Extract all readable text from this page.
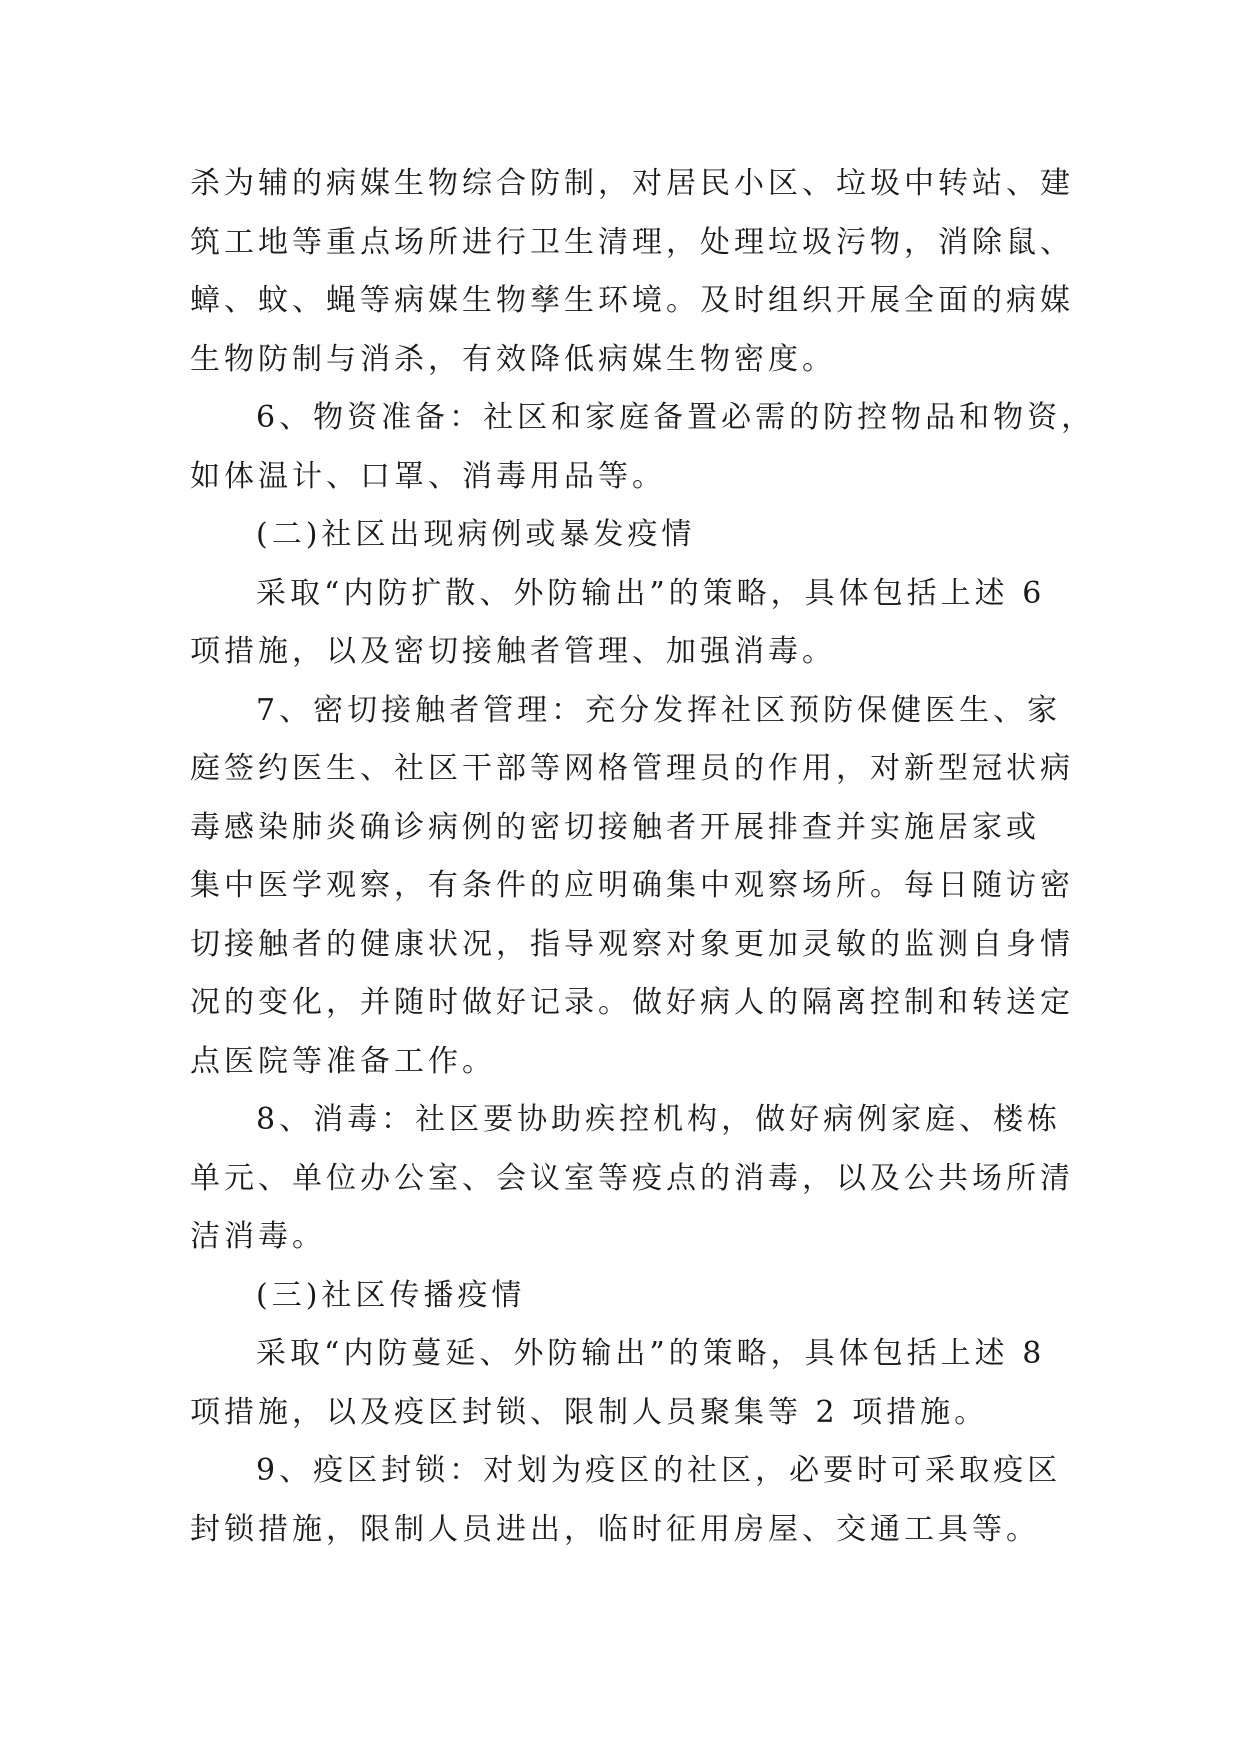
杀为辅的病媒生物综合防制，对居民小区、垃圾中转站、建
筑工地等重点场所进行卫生清理，处理垃圾污物，消除鼠、
蟑、蚊、蝇等病媒生物孳生环境。及时组织开展全面的病媒
生物防制与消杀，有效降低病媒生物密度。
6、物资准备：社区和家庭备置必需的防控物品和物资，
如体温计、口罩、消毒用品等。
(二)社区出现病例或暴发疫情
采取“内防扩散、外防输出”的策略，具体包括上述 6
项措施，以及密切接触者管理、加强消毒。
7、密切接触者管理：充分发挥社区预防保健医生、家
庭签约医生、社区干部等网格管理员的作用，对新型冠状病
毒感染肺炎确诊病例的密切接触者开展排查并实施居家或
集中医学观察，有条件的应明确集中观察场所。每日随访密
切接触者的健康状况，指导观察对象更加灵敏的监测自身情
况的变化，并随时做好记录。做好病人的隔离控制和转送定
点医院等准备工作。
8、消毒：社区要协助疾控机构，做好病例家庭、楼栋
单元、单位办公室、会议室等疫点的消毒，以及公共场所清
洁消毒。
(三)社区传播疫情
采取“内防蔓延、外防输出”的策略，具体包括上述 8
项措施，以及疫区封锁、限制人员聚集等 2 项措施。
9、疫区封锁：对划为疫区的社区，必要时可采取疫区
封锁措施，限制人员进出，临时征用房屋、交通工具等。
